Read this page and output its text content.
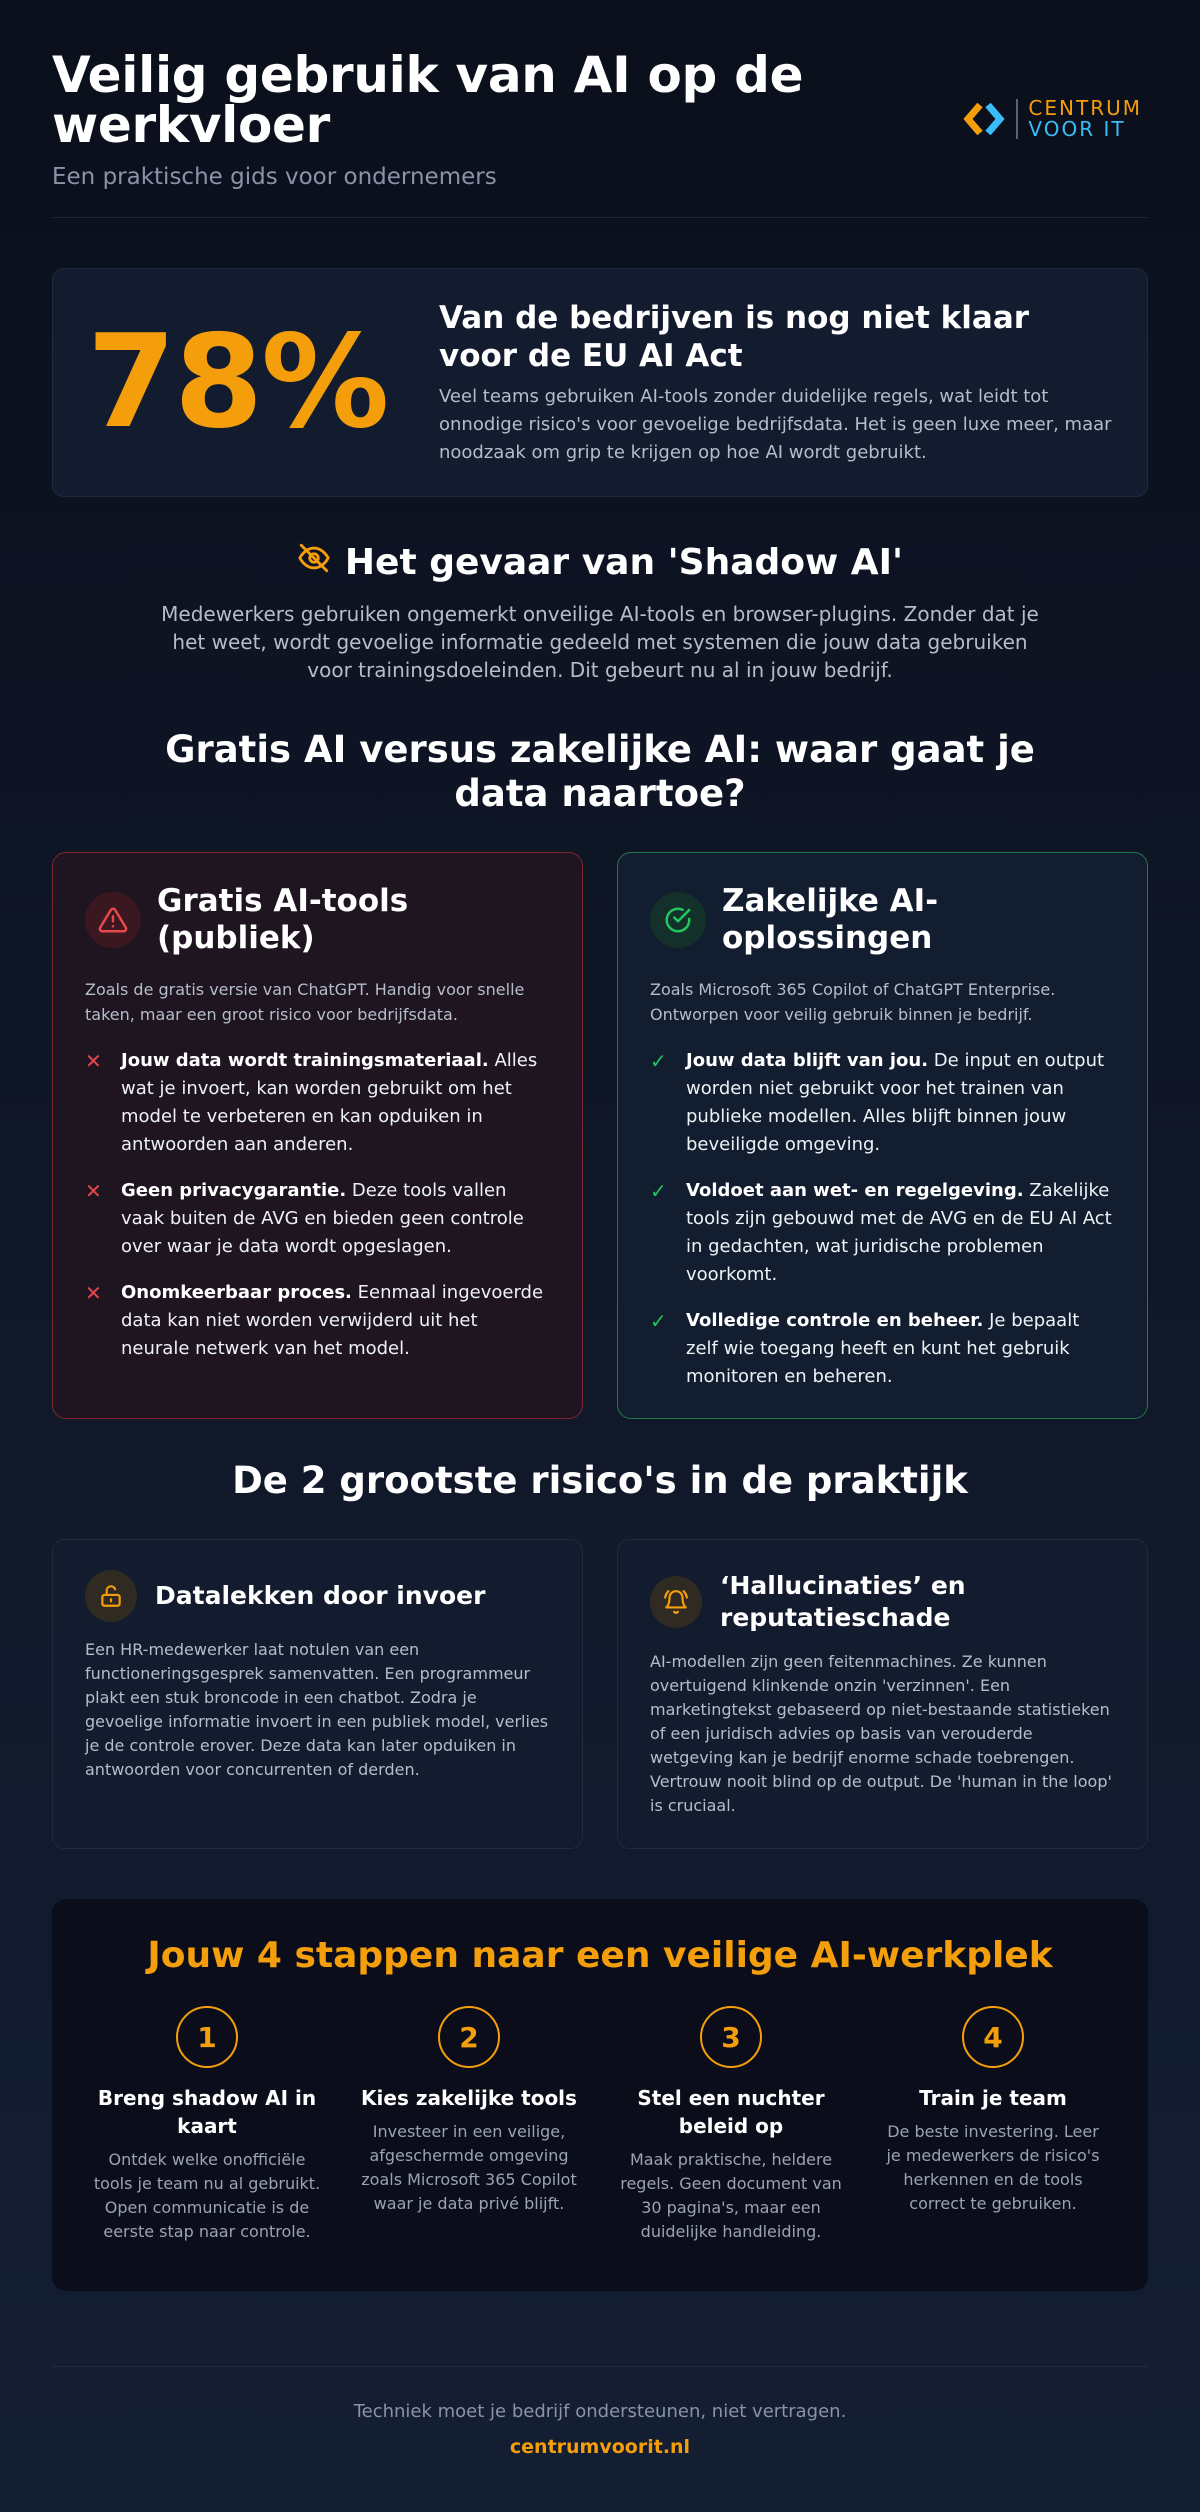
Veilig gebruik van AI op de werkvloer
Een praktische gids voor ondernemers
CENTRUM
VOOR IT
78%	Van de bedrijven is nog niet klaar voor de EU AI Act
Veel teams gebruiken AI-tools zonder duidelijke regels, wat leidt tot onnodige risico's voor gevoelige bedrijfsdata. Het is geen luxe meer, maar noodzaak om grip te krijgen op hoe AI wordt gebruikt.
Het gevaar van 'Shadow AI'

Medewerkers gebruiken ongemerkt onveilige AI-tools en browser-plugins. Zonder dat je het weet, wordt gevoelige informatie gedeeld met systemen die jouw data gebruiken voor trainingsdoeleinden. Dit gebeurt nu al in jouw bedrijf.

Gratis AI versus zakelijke AI: waar gaat je data naartoe?
Gratis AI-tools (publiek)

Zoals de gratis versie van ChatGPT. Handig voor snelle taken, maar een groot risico voor bedrijfsdata.

✕	Jouw data wordt trainingsmateriaal. Alles wat je invoert, kan worden gebruikt om het model te verbeteren en kan opduiken in antwoorden aan anderen.
✕	Geen privacygarantie. Deze tools vallen vaak buiten de AVG en bieden geen controle over waar je data wordt opgeslagen.
✕	Onomkeerbaar proces. Eenmaal ingevoerde data kan niet worden verwijderd uit het neurale netwerk van het model.
Zakelijke AI-oplossingen

Zoals Microsoft 365 Copilot of ChatGPT Enterprise. Ontworpen voor veilig gebruik binnen je bedrijf.

✓	Jouw data blijft van jou. De input en output worden niet gebruikt voor het trainen van publieke modellen. Alles blijft binnen jouw beveiligde omgeving.
✓	Voldoet aan wet- en regelgeving. Zakelijke tools zijn gebouwd met de AVG en de EU AI Act in gedachten, wat juridische problemen voorkomt.
✓	Volledige controle en beheer. Je bepaalt zelf wie toegang heeft en kunt het gebruik monitoren en beheren.
De 2 grootste risico's in de praktijk
Datalekken door invoer

Een HR-medewerker laat notulen van een functioneringsgesprek samenvatten. Een programmeur plakt een stuk broncode in een chatbot. Zodra je gevoelige informatie invoert in een publiek model, verlies je de controle erover. Deze data kan later opduiken in antwoorden voor concurrenten of derden.

‘Hallucinaties’ en reputatieschade

AI-modellen zijn geen feitenmachines. Ze kunnen overtuigend klinkende onzin 'verzinnen'. Een marketingtekst gebaseerd op niet-bestaande statistieken of een juridisch advies op basis van verouderde wetgeving kan je bedrijf enorme schade toebrengen. Vertrouw nooit blind op de output. De 'human in the loop' is cruciaal.

Jouw 4 stappen naar een veilige AI-werkplek
1
Breng shadow AI in kaart
Ontdek welke onofficiële tools je team nu al gebruikt. Open communicatie is de eerste stap naar controle.
2
Kies zakelijke tools
Investeer in een veilige, afgeschermde omgeving zoals Microsoft 365 Copilot waar je data privé blijft.
3
Stel een nuchter beleid op
Maak praktische, heldere regels. Geen document van 30 pagina's, maar een duidelijke handleiding.
4
Train je team
De beste investering. Leer je medewerkers de risico's herkennen en de tools correct te gebruiken.
Techniek moet je bedrijf ondersteunen, niet vertragen.
centrumvoorit.nl
